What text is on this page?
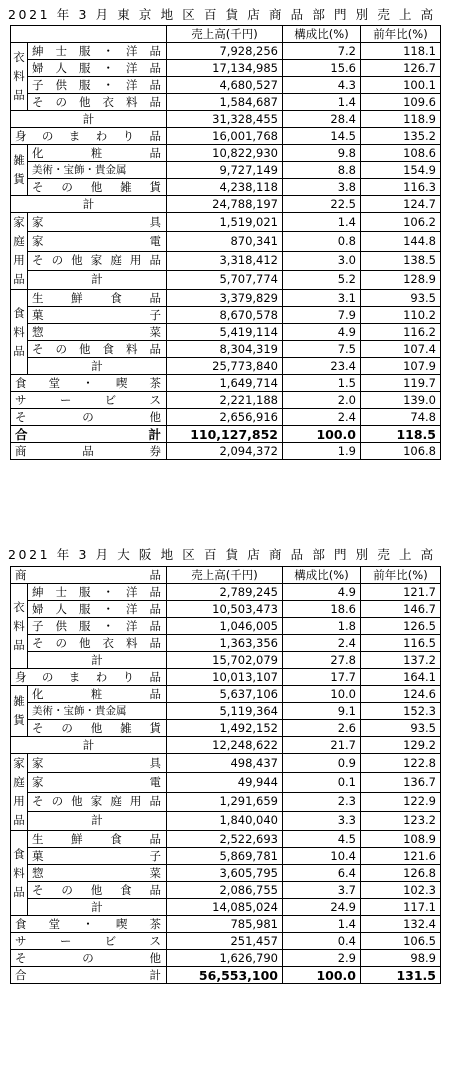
2021 年 3 月 東 京 地 区 百 貨 店 商 品 部 門 別 売 上 高
		売上高(千円)	構成比(%)	前年比(%)

衣
料
品	紳士服・洋品	7,928,256	7.2	118.1
	婦人服・洋品	17,134,985	15.6	126.7
	子供服・洋品	4,680,527	4.3	100.1
	その他衣料品	1,584,687	1.4	109.6
計		31,328,455	28.4	118.9
身のまわり品		16,001,768	14.5	135.2

雑
貨	化粧品	10,822,930	9.8	108.6
	美術・宝飾・貴金属	9,727,149	8.8	154.9
	その他雑貨	4,238,118	3.8	116.3
計		24,788,197	22.5	124.7

家
庭
用
品	家具	1,519,021	1.4	106.2
	家電	870,341	0.8	144.8
	その他家庭用品	3,318,412	3.0	138.5
	計	5,707,774	5.2	128.9

食
料
品	生鮮食品	3,379,829	3.1	93.5
	菓子	8,670,578	7.9	110.2
	惣菜	5,419,114	4.9	116.2
	その他食料品	8,304,319	7.5	107.4
	計	25,773,840	23.4	107.9
食堂・喫茶		1,649,714	1.5	119.7
サービス		2,221,188	2.0	139.0
その他		2,656,916	2.4	74.8
合計		110,127,852	100.0	118.5
商品券		2,094,372	1.9	106.8
2021 年 3 月 大 阪 地 区 百 貨 店 商 品 部 門 別 売 上 高
商品		売上高(千円)	構成比(%)	前年比(%)

衣
料
品	紳士服・洋品	2,789,245	4.9	121.7
	婦人服・洋品	10,503,473	18.6	146.7
	子供服・洋品	1,046,005	1.8	126.5
	その他衣料品	1,363,356	2.4	116.5
	計	15,702,079	27.8	137.2
身のまわり品		10,013,107	17.7	164.1

雑
貨	化粧品	5,637,106	10.0	124.6
	美術・宝飾・貴金属	5,119,364	9.1	152.3
	その他雑貨	1,492,152	2.6	93.5
計		12,248,622	21.7	129.2

家
庭
用
品	家具	498,437	0.9	122.8
	家電	49,944	0.1	136.7
	その他家庭用品	1,291,659	2.3	122.9
	計	1,840,040	3.3	123.2

食
料
品	生鮮食品	2,522,693	4.5	108.9
	菓子	5,869,781	10.4	121.6
	惣菜	3,605,795	6.4	126.8
	その他食品	2,086,755	3.7	102.3
	計	14,085,024	24.9	117.1
食堂・喫茶		785,981	1.4	132.4
サービス		251,457	0.4	106.5
その他		1,626,790	2.9	98.9
合計		56,553,100	100.0	131.5
